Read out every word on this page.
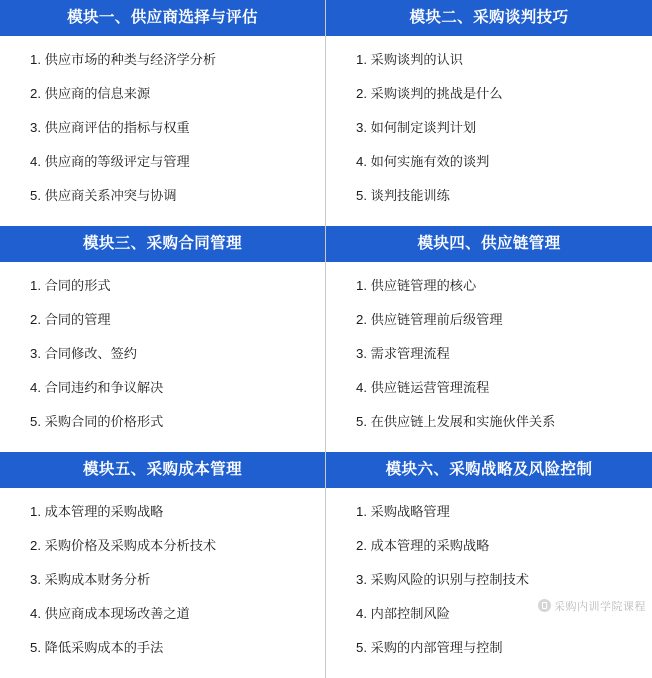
模块一、供应商选择与评估
1. 供应市场的种类与经济学分析
2. 供应商的信息来源
3. 供应商评估的指标与权重
4. 供应商的等级评定与管理
5. 供应商关系冲突与协调
模块二、采购谈判技巧
1. 采购谈判的认识
2. 采购谈判的挑战是什么
3. 如何制定谈判计划
4. 如何实施有效的谈判
5. 谈判技能训练
模块三、采购合同管理
1. 合同的形式
2. 合同的管理
3. 合同修改、签约
4. 合同违约和争议解决
5. 采购合同的价格形式
模块四、供应链管理
1. 供应链管理的核心
2. 供应链管理前后级管理
3. 需求管理流程
4. 供应链运营管理流程
5. 在供应链上发展和实施伙伴关系
模块五、采购成本管理
1. 成本管理的采购战略
2. 采购价格及采购成本分析技术
3. 采购成本财务分析
4. 供应商成本现场改善之道
5. 降低采购成本的手法
模块六、采购战略及风险控制
1. 采购战略管理
2. 成本管理的采购战略
3. 采购风险的识别与控制技术
4. 内部控制风险
5. 采购的内部管理与控制
采购内训学院课程
